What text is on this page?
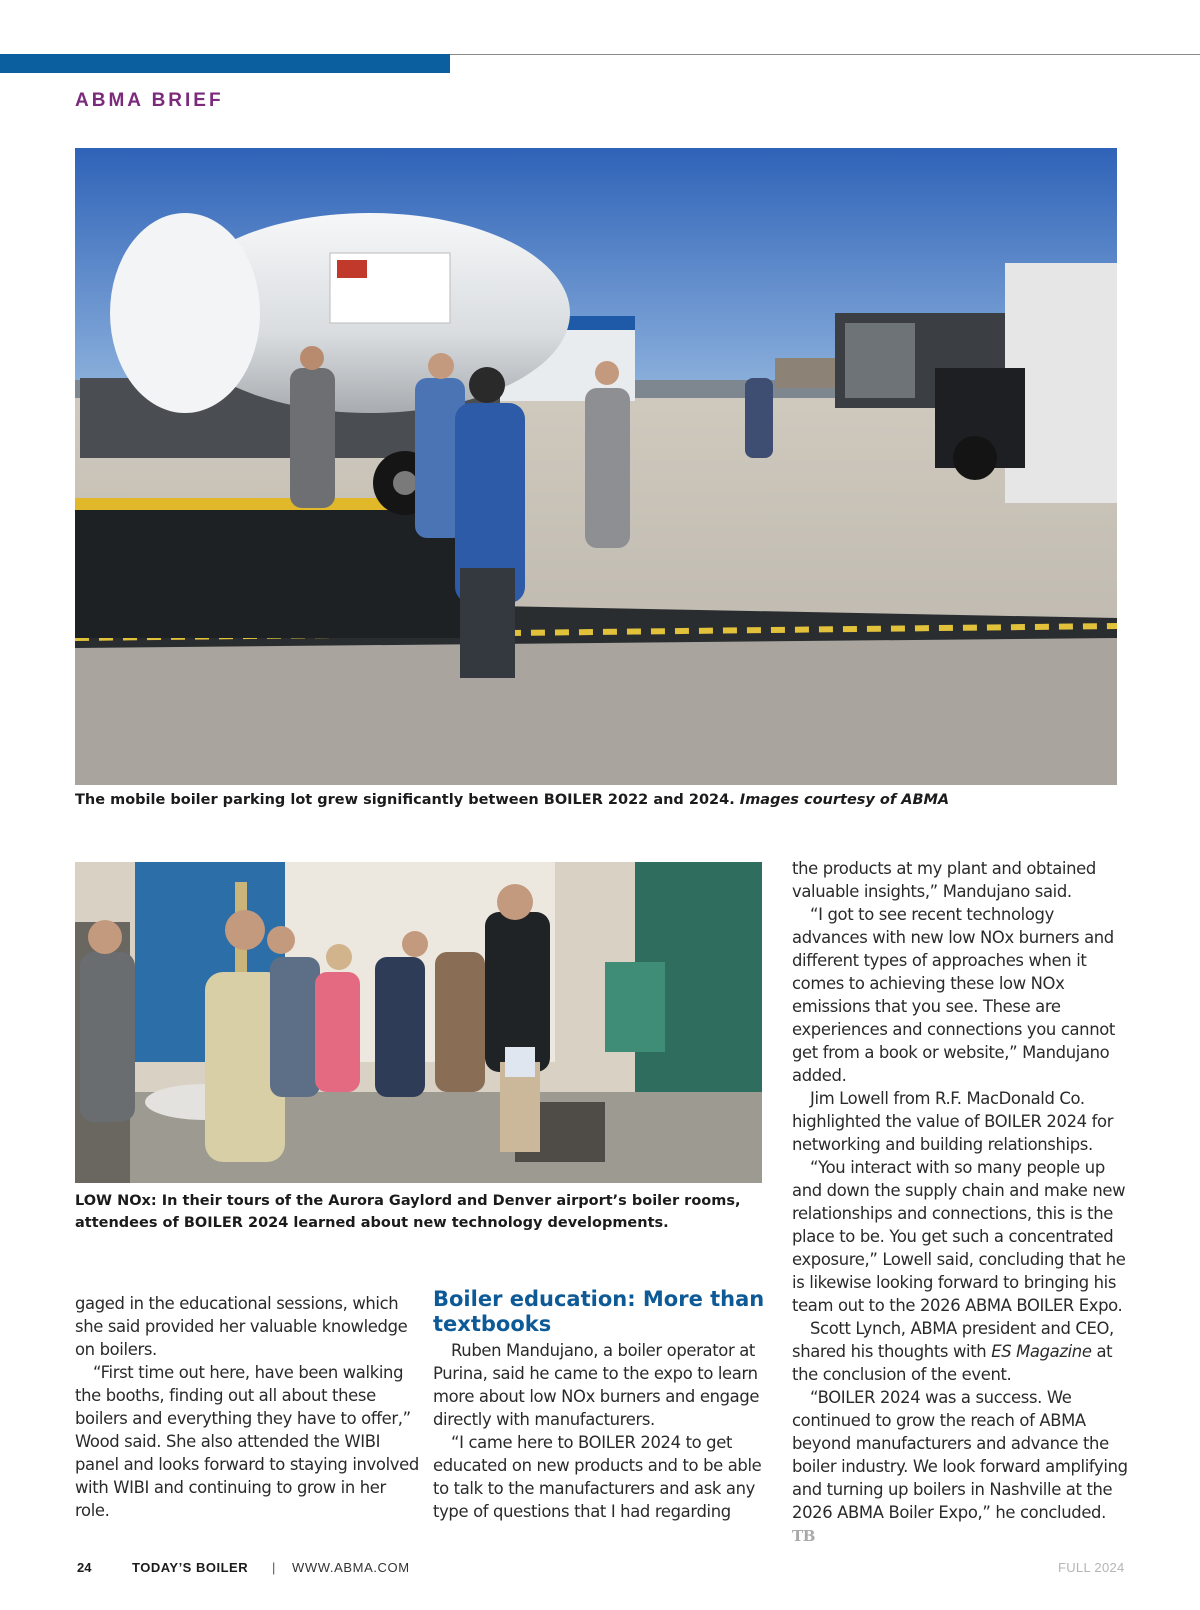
ABMA BRIEF
The mobile boiler parking lot grew significantly between BOILER 2022 and 2024. Images courtesy of ABMA
LOW NOx: In their tours of the Aurora Gaylord and Denver airport’s boiler rooms, attendees of BOILER 2024 learned about new technology developments.

gaged in the educational sessions, which she said provided her valuable knowledge on boilers.

“First time out here, have been walking the booths, finding out all about these boilers and everything they have to offer,” Wood said. She also attended the WIBI panel and looks forward to staying involved with WIBI and continuing to grow in her role.

Boiler education: More than textbooks

Ruben Mandujano, a boiler operator at Purina, said he came to the expo to learn more about low NOx burners and engage directly with manufacturers.

“I came here to BOILER 2024 to get educated on new products and to be able to talk to the manufacturers and ask any type of questions that I had regarding

the products at my plant and obtained valuable insights,” Mandujano said.

“I got to see recent technology advances with new low NOx burners and different types of approaches when it comes to achieving these low NOx emissions that you see. These are experiences and connections you cannot get from a book or website,” Mandujano added.

Jim Lowell from R.F. MacDonald Co. highlighted the value of BOILER 2024 for networking and building relationships.

“You interact with so many people up and down the supply chain and make new relationships and connections, this is the place to be. You get such a concentrated exposure,” Lowell said, concluding that he is likewise looking forward to bringing his team out to the 2026 ABMA BOILER Expo.

Scott Lynch, ABMA president and CEO, shared his thoughts with ES Magazine at the conclusion of the event.

“BOILER 2024 was a success. We continued to grow the reach of ABMA beyond manufacturers and advance the boiler industry. We look forward amplifying and turning up boilers in Nashville at the 2026 ABMA Boiler Expo,” he concluded. TB

24	TODAY’S BOILER | WWW.ABMA.COM	FULL 2024
